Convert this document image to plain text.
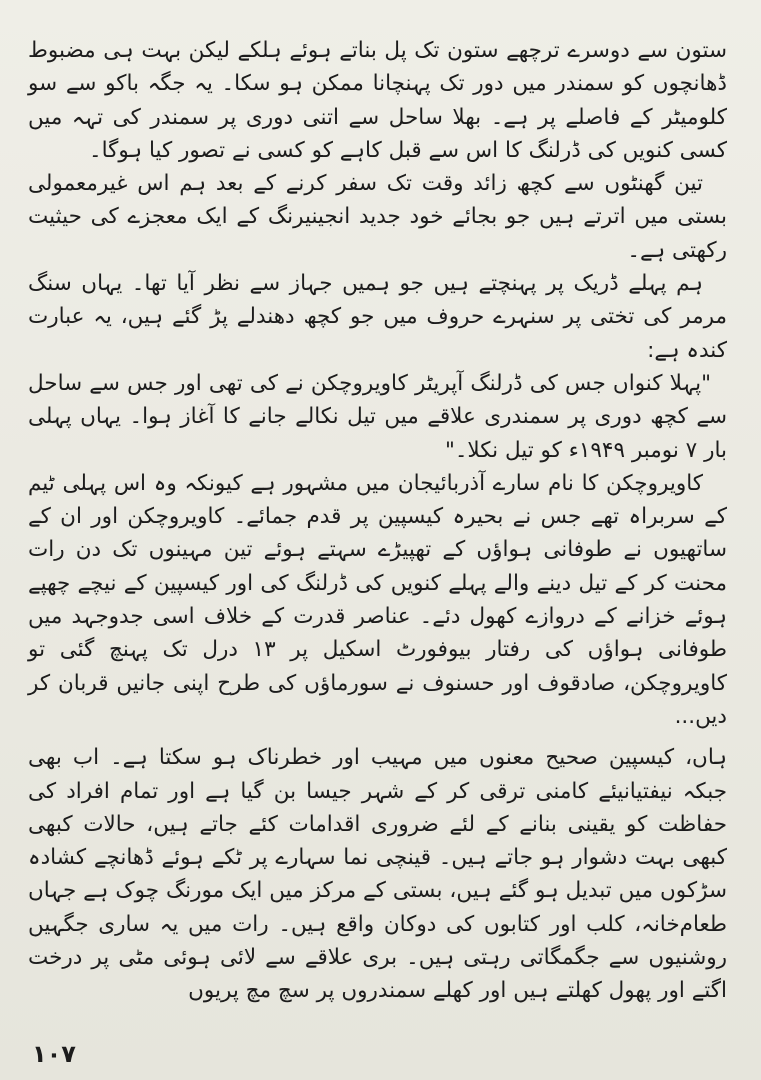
ستون سے دوسرے ترچھے ستون تک پل بناتے ہوئے ہلکے لیکن بہت ہی مضبوط ڈھانچوں کو سمندر میں دور تک پہنچانا ممکن ہو سکا۔ یہ جگہ باکو سے سو کلومیٹر کے فاصلے پر ہے۔ بھلا ساحل سے اتنی دوری پر سمندر کی تہہ میں کسی کنویں کی ڈرلنگ کا اس سے قبل کاہے کو کسی نے تصور کیا ہوگا۔

تین گھنٹوں سے کچھ زائد وقت تک سفر کرنے کے بعد ہم اس غیرمعمولی بستی میں اترتے ہیں جو بجائے خود جدید انجینیرنگ کے ایک معجزے کی حیثیت رکھتی ہے۔

ہم پہلے ڈریک پر پہنچتے ہیں جو ہمیں جہاز سے نظر آیا تھا۔ یہاں سنگ مرمر کی تختی پر سنہرے حروف میں جو کچھ دھندلے پڑ گئے ہیں، یہ عبارت کندہ ہے:

"پہلا کنواں جس کی ڈرلنگ آپریٹر کاویروچکن نے کی تھی اور جس سے ساحل سے کچھ دوری پر سمندری علاقے میں تیل نکالے جانے کا آغاز ہوا۔ یہاں پہلی بار ۷ نومبر ۱۹۴۹ء کو تیل نکلا۔"

کاویروچکن کا نام سارے آذربائیجان میں مشہور ہے کیونکہ وہ اس پہلی ٹیم کے سربراہ تھے جس نے بحیرہ کیسپین پر قدم جمائے۔ کاویروچکن اور ان کے ساتھیوں نے طوفانی ہواؤں کے تھپیڑے سہتے ہوئے تین مہینوں تک دن رات محنت کر کے تیل دینے والے پہلے کنویں کی ڈرلنگ کی اور کیسپین کے نیچے چھپے ہوئے خزانے کے دروازے کھول دئے۔ عناصر قدرت کے خلاف اسی جدوجہد میں طوفانی ہواؤں کی رفتار بیوفورٹ اسکیل پر ۱۳ درل تک پہنچ گئی تو کاویروچکن، صادقوف اور حسنوف نے سورماؤں کی طرح اپنی جانیں قربان کر دیں...

ہاں، کیسپین صحیح معنوں میں مہیب اور خطرناک ہو سکتا ہے۔ اب بھی جبکہ نیفتیانیئے کامنی ترقی کر کے شہر جیسا بن گیا ہے اور تمام افراد کی حفاظت کو یقینی بنانے کے لئے ضروری اقدامات کئے جاتے ہیں، حالات کبھی کبھی بہت دشوار ہو جاتے ہیں۔ قینچی نما سہارے پر ٹکے ہوئے ڈھانچے کشادہ سڑکوں میں تبدیل ہو گئے ہیں، بستی کے مرکز میں ایک مورنگ چوک ہے جہاں طعام‌خانہ، کلب اور کتابوں کی دوکان واقع ہیں۔ رات میں یہ ساری جگہیں روشنیوں سے جگمگاتی رہتی ہیں۔ بری علاقے سے لائی ہوئی مٹی پر درخت اگتے اور پھول کھلتے ہیں اور کھلے سمندروں پر سچ مچ پریوں

۱۰۷
